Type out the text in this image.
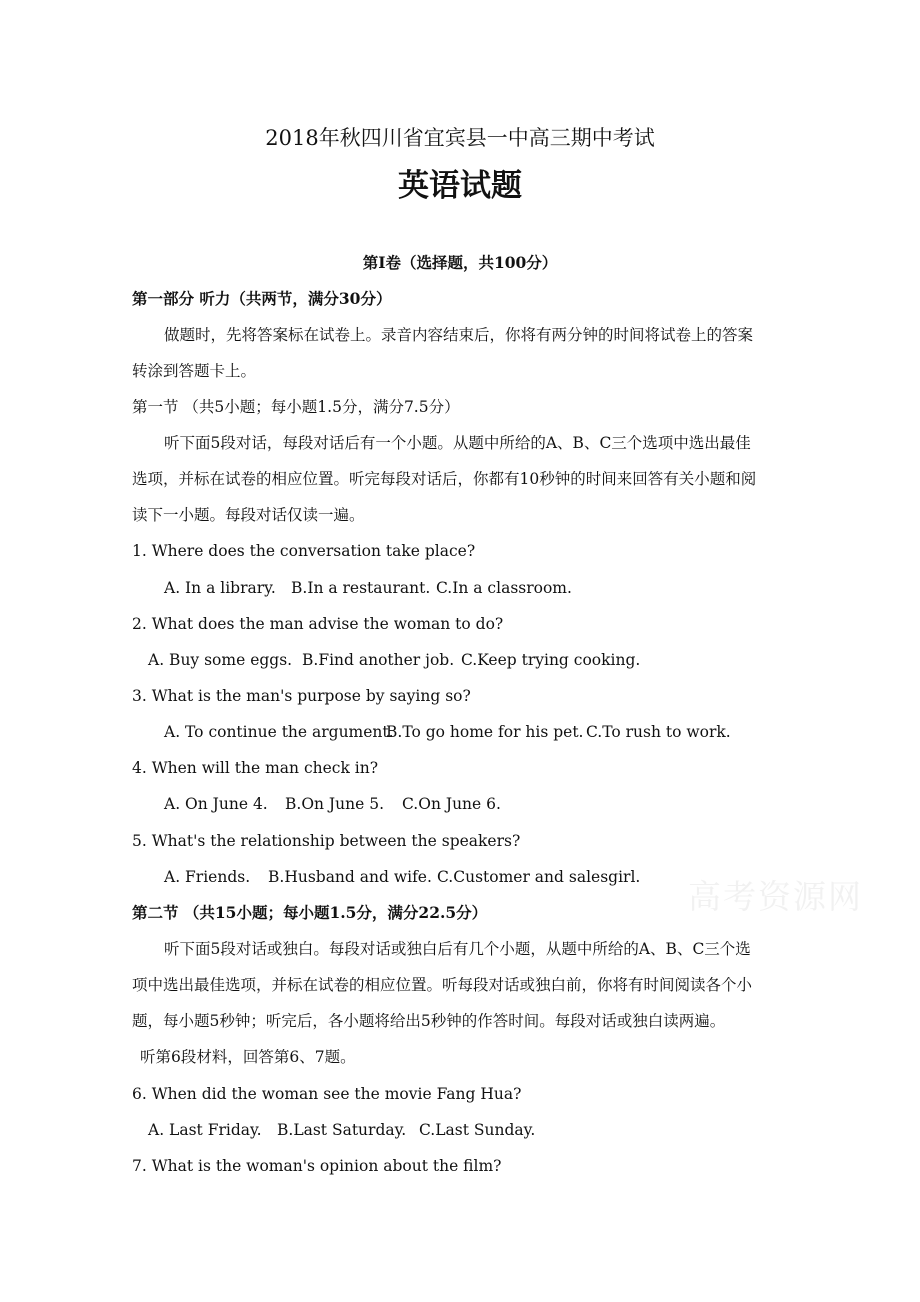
2018年秋四川省宜宾县一中高三期中考试
英语试题
第I卷（选择题，共100分）
第一部分 听力（共两节，满分30分）
做题时，先将答案标在试卷上。录音内容结束后，你将有两分钟的时间将试卷上的答案
转涂到答题卡上。
第一节 （共5小题；每小题1.5分，满分7.5分）
听下面5段对话，每段对话后有一个小题。从题中所给的A、B、C三个选项中选出最佳
选项，并标在试卷的相应位置。听完每段对话后，你都有10秒钟的时间来回答有关小题和阅
读下一小题。每段对话仅读一遍。
1. Where does the conversation take place?
A. In a library. B.In a restaurant. C.In a classroom.
2. What does the man advise the woman to do?
A. Buy some eggs. B.Find another job. C.Keep trying cooking.
3. What is the man's purpose by saying so?
A. To continue the argument.
B.To go home for his pet. C.To rush to work.
4. When will the man check in?
A. On June 4. B.On June 5. C.On June 6.
5. What's the relationship between the speakers?
A. Friends. B.Husband and wife. C.Customer and salesgirl. 高考资源网
第二节 （共15小题；每小题1.5分，满分22.5分）
听下面5段对话或独白。每段对话或独白后有几个小题，从题中所给的A、B、C三个选
项中选出最佳选项，并标在试卷的相应位置。听每段对话或独白前，你将有时间阅读各个小
题，每小题5秒钟；听完后，各小题将给出5秒钟的作答时间。每段对话或独白读两遍。
听第6段材料，回答第6、7题。
6. When did the woman see the movie Fang Hua?
A. Last Friday. B.Last Saturday. C.Last Sunday.
7. What is the woman's opinion about the film?
